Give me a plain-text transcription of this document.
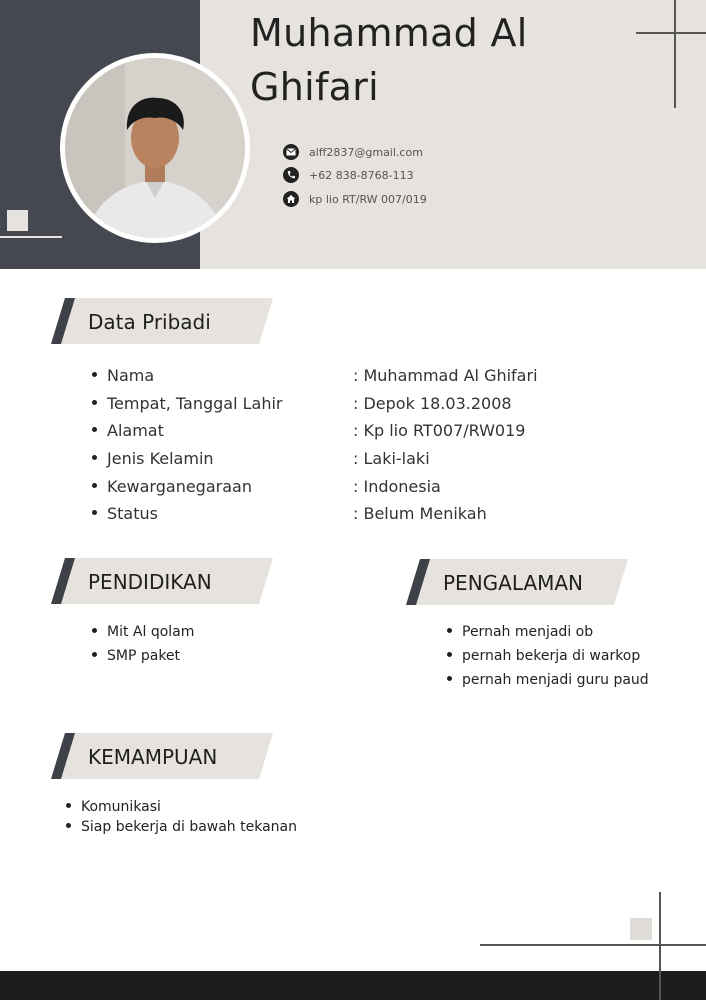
Muhammad Al
Ghifari
alff2837@gmail.com
+62 838-8768-113
kp lio RT/RW 007/019
Data Pribadi
Nama
Tempat, Tanggal Lahir
Alamat
Jenis Kelamin
Kewarganegaraan
Status
: Muhammad Al Ghifari
: Depok 18.03.2008
: Kp lio RT007/RW019
: Laki-laki
: Indonesia
: Belum Menikah
PENDIDIKAN
Mit Al qolam
SMP paket
PENGALAMAN
Pernah menjadi ob
pernah bekerja di warkop
pernah menjadi guru paud
KEMAMPUAN
Komunikasi
Siap bekerja di bawah tekanan
